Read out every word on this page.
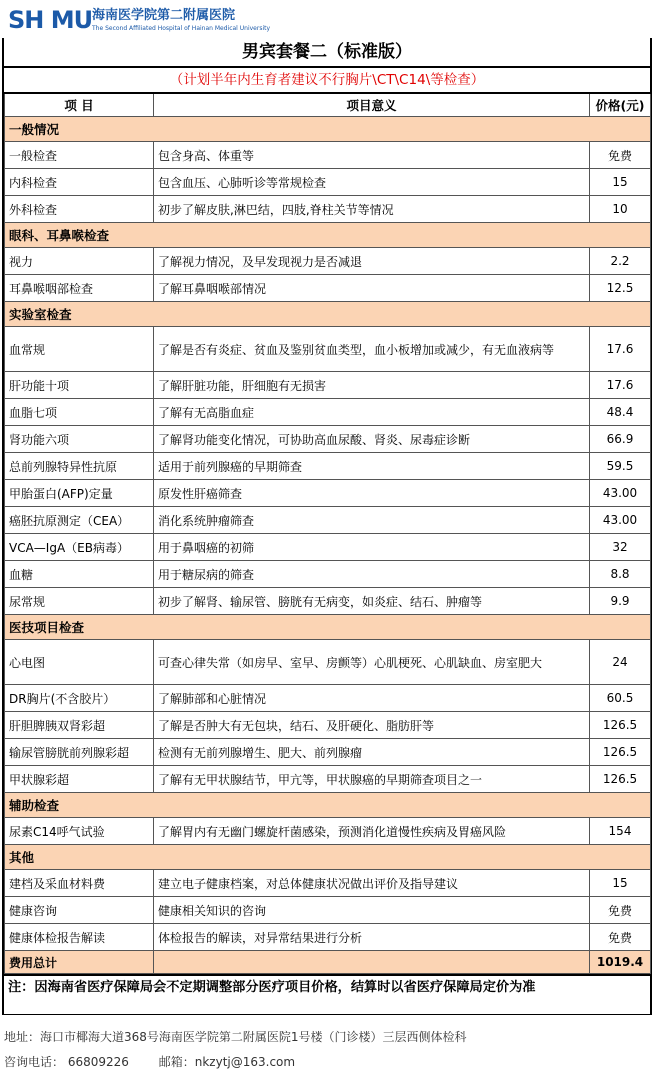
SH MU 海南医学院第二附属医院
The Second Affiliated Hospital of Hainan Medical University
男宾套餐二（标准版）
（计划半年内生育者建议不行胸片\CT\C14\等检查）
项 目	项目意义	价格(元)
一般情况		
一般检查	包含身高、体重等	免费
内科检查	包含血压、心肺听诊等常规检查	15
外科检查	初步了解皮肤,淋巴结，四肢,脊柱关节等情况	10
眼科、耳鼻喉检查		
视力	了解视力情况，及早发现视力是否减退	2.2
耳鼻喉咽部检查	了解耳鼻咽喉部情况	12.5
实验室检查		
血常规	了解是否有炎症、贫血及鉴别贫血类型，血小板增加或减少，有无血液病等	17.6
肝功能十项	了解肝脏功能，肝细胞有无损害	17.6
血脂七项	了解有无高脂血症	48.4
肾功能六项	了解肾功能变化情况，可协助高血尿酸、肾炎、尿毒症诊断	66.9
总前列腺特异性抗原	适用于前列腺癌的早期筛查	59.5
甲胎蛋白(AFP)定量	原发性肝癌筛查	43.00
癌胚抗原测定（CEA）	消化系统肿瘤筛查	43.00
VCA—IgA（EB病毒）	用于鼻咽癌的初筛	32
血糖	用于糖尿病的筛查	8.8
尿常规	初步了解肾、输尿管、膀胱有无病变，如炎症、结石、肿瘤等	9.9
医技项目检查		
心电图	可查心律失常（如房早、室早、房颤等）心肌梗死、心肌缺血、房室肥大	24
DR胸片(不含胶片）	了解肺部和心脏情况	60.5
肝胆脾胰双肾彩超	了解是否肿大有无包块，结石、及肝硬化、脂肪肝等	126.5
输尿管膀胱前列腺彩超	检测有无前列腺增生、肥大、前列腺瘤	126.5
甲状腺彩超	了解有无甲状腺结节，甲亢等，甲状腺癌的早期筛查项目之一	126.5
辅助检查		
尿素C14呼气试验	了解胃内有无幽门螺旋杆菌感染，预测消化道慢性疾病及胃癌风险	154
其他		
建档及采血材料费	建立电子健康档案，对总体健康状况做出评价及指导建议	15
健康咨询	健康相关知识的咨询	免费
健康体检报告解读	体检报告的解读，对异常结果进行分析	免费
费用总计		1019.4
注：因海南省医疗保障局会不定期调整部分医疗项目价格，结算时以省医疗保障局定价为准
地址：海口市椰海大道368号海南医学院第二附属医院1号楼（门诊楼）三层西侧体检科
咨询电话： 66809226 邮箱：nkzytj@163.com
